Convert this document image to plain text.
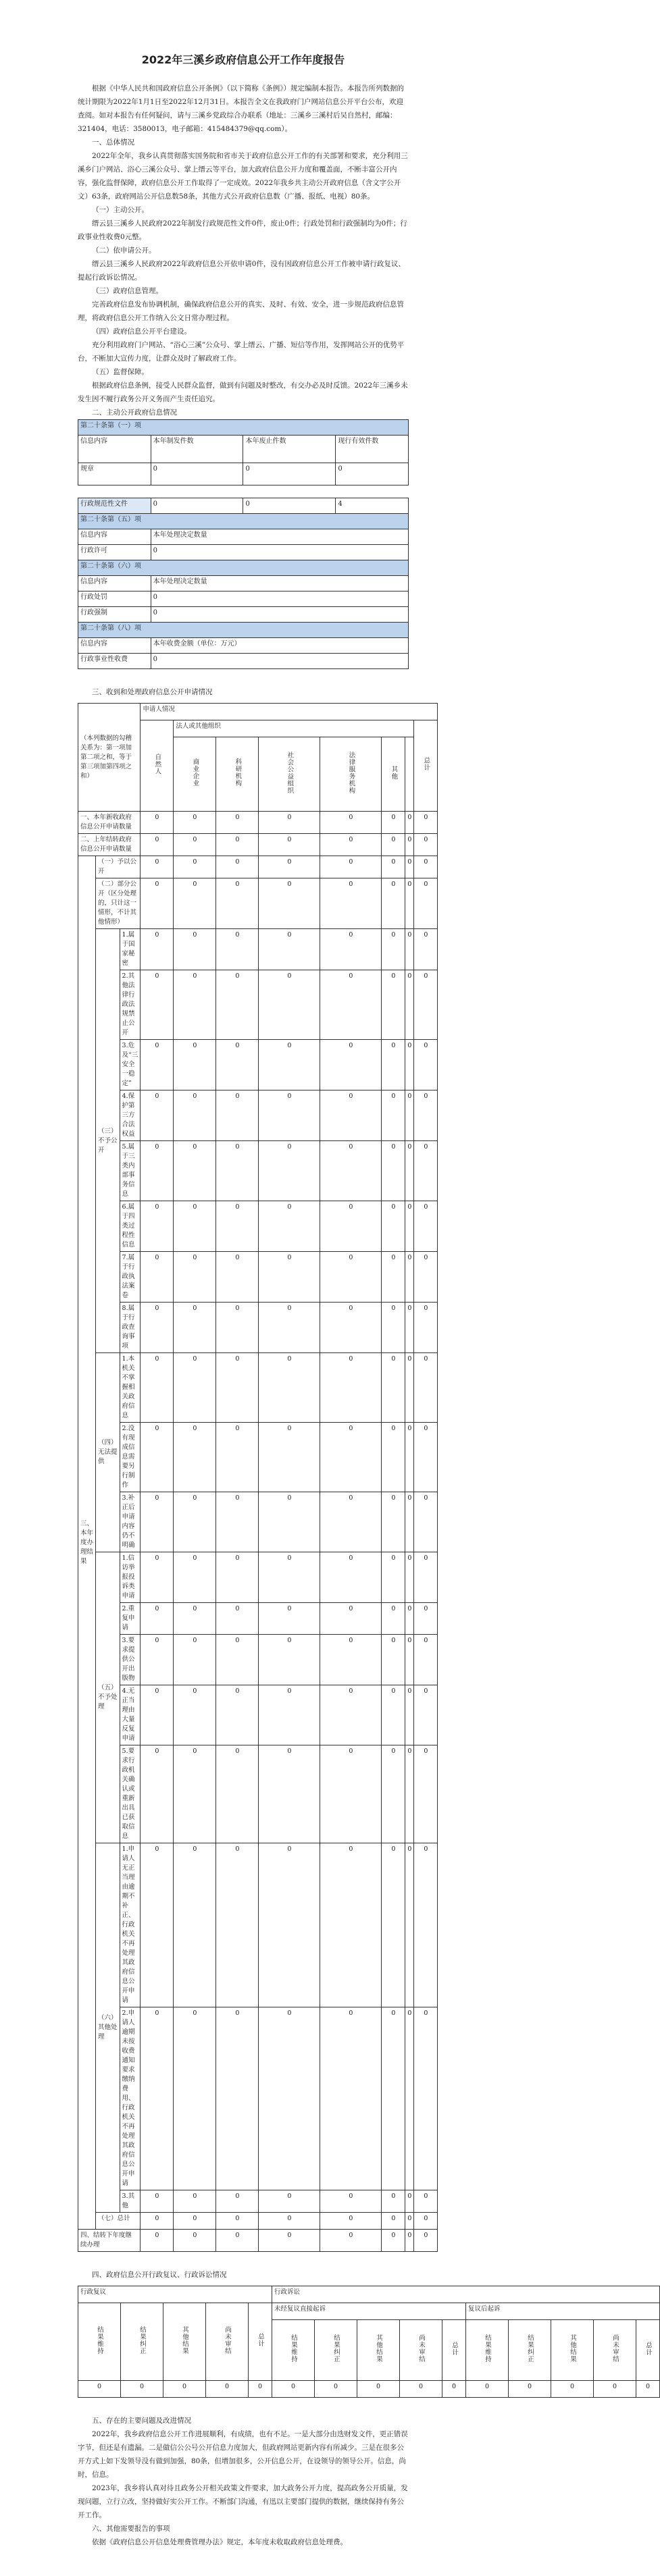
2022年三溪乡政府信息公开工作年度报告

根据《中华人民共和国政府信息公开条例》（以下简称《条例》）规定编制本报告。本报告所列数据的统计期限为2022年1月1日至2022年12月31日。本报告全文在我政府门户网站信息公开平台公布，欢迎查阅。如对本报告有任何疑问，请与三溪乡党政综合办联系（地址：三溪乡三溪村后吴自然村，邮编：321404，电话：3580013，电子邮箱：415484379@qq.com）。

一、总体情况

2022年全年，我乡认真贯彻落实国务院和省市关于政府信息公开工作的有关部署和要求，充分利用三溪乡门户网站、浴心三溪公众号、掌上缙云等平台，加大政府信息公开力度和覆盖面，不断丰富公开内容，强化监督保障，政府信息公开工作取得了一定成效。2022年我乡共主动公开政府信息（含文字公开文）63条，政府网站公开信息数58条，其他方式公开政府信息数（广播、报纸、电视）80条。

（一）主动公开。

缙云县三溪乡人民政府2022年制发行政规范性文件0件，废止0件；行政处罚和行政强制均为0件；行政事业性收费0元整。

（二）依申请公开。

缙云县三溪乡人民政府2022年政府信息公开依申请0件，没有因政府信息公开工作被申请行政复议、提起行政诉讼情况。

（三）政府信息管理。

完善政府信息发布协调机制，确保政府信息公开的真实、及时、有效、安全，进一步规范政府信息管理，将政府信息公开工作纳入公文日常办理过程。

（四）政府信息公开平台建设。

充分利用政府门户网站、“浴心三溪”公众号、掌上缙云、广播、短信等作用，发挥网站公开的优势平台，不断加大宣传力度，让群众及时了解政府工作。

（五）监督保障。

根据政府信息条例，接受人民群众监督，做到有问题及时整改，有交办必及时反馈。2022年三溪乡未发生因不履行政务公开义务而产生责任追究。

二、主动公开政府信息情况

第二十条第（一）项			
信息内容	本年制发件数	本年废止件数	现行有效件数
规章	0	0	0

行政规范性文件	0	0	4
第二十条第（五）项			
信息内容	本年处理决定数量		
行政许可	0		
第二十条第（六）项			
信息内容	本年处理决定数量		
行政处罚	0		
行政强制	0		
第二十条第（八）项			
信息内容	本年收费金额（单位：万元）		
行政事业性收费	0		

三、收到和处理政府信息公开申请情况

（本列数据的勾稽关系为：第一项加第二项之和，等于第三项加第四项之和）			申请人情况							
			自然人	法人或其他组织						总计
				商业企业	科研机构	社会公益组织	法律服务机构	其他		
一、本年新收政府信息公开申请数量			0	0	0	0	0	0	0	0
二、上年结转政府信息公开申请数量			0	0	0	0	0	0	0	0
三、本年度办理结果	（一）予以公开		0	0	0	0	0	0	0	0
	（二）部分公开（区分处理的，只计这一情形，不计其他情形）		0	0	0	0	0	0	0	0
	（三）不予公开	1.属于国家秘密	0	0	0	0	0	0	0	0
		2.其他法律行政法规禁止公开	0	0	0	0	0	0	0	0
		3.危及“三安全一稳定”	0	0	0	0	0	0	0	0
		4.保护第三方合法权益	0	0	0	0	0	0	0	0
		5.属于三类内部事务信息	0	0	0	0	0	0	0	0
		6.属于四类过程性信息	0	0	0	0	0	0	0	0
		7.属于行政执法案卷	0	0	0	0	0	0	0	0
		8.属于行政查询事项	0	0	0	0	0	0	0	0
	（四）无法提供	1.本机关不掌握相关政府信息	0	0	0	0	0	0	0	0
		2.没有现成信息需要另行制作	0	0	0	0	0	0	0	0
		3.补正后申请内容仍不明确	0	0	0	0	0	0	0	0
	（五）不予处理	1.信访举报投诉类申请	0	0	0	0	0	0	0	0
		2.重复申请	0	0	0	0	0	0	0	0
		3.要求提供公开出版物	0	0	0	0	0	0	0	0
		4.无正当理由大量反复申请	0	0	0	0	0	0	0	0
		5.要求行政机关确认或重新出具已获取信息	0	0	0	0	0	0	0	0
	（六）其他处理	1.申请人无正当理由逾期不补正、行政机关不再处理其政府信息公开申请	0	0	0	0	0	0	0	0
		2.申请人逾期未按收费通知要求缴纳费用、行政机关不再处理其政府信息公开申请	0	0	0	0	0	0	0	0
		3.其他	0	0	0	0	0	0	0	0
	（七）总计		0	0	0	0	0	0	0	0
四、结转下年度继续办理			0	0	0	0	0	0	0	0

四、政府信息公开行政复议、行政诉讼情况

行政复议					行政诉讼									
结果维持	结果纠正	其他结果	尚未审结	总计	未经复议直接起诉					复议后起诉				
					结果维持	结果纠正	其他结果	尚未审结	总计	结果维持	结果纠正	其他结果	尚未审结	总计
0	0	0	0	0	0	0	0	0	0	0	0	0	0	0

五、存在的主要问题及改进情况

2022年，我乡政府信息公开工作进展顺利，有成绩，也有不足。一是大部分由迭财发文件，更正错误字节，但还是有遗漏。二是做信公公号公开信息力度加大，但政府网站更新内容有所减少。三是在很多公开方式上如下发领导没有做到加强，80条，但增加很多，公开信息公开，在设领导的领导公开。信息，尚时，信息。

2023年，我乡将认真对待且政务公开相关政策文件要求，加大政务公开力度，提高政务公开质量，发现问题，立行立改，坚持做好实公开工作。不断部门沟通，有迅以主要部门提供的数据，继续保持有务公开工作。

六、其他需要报告的事项

依据《政府信息公开信息处理费管理办法》规定，本年度未收取政府信息处理费。
